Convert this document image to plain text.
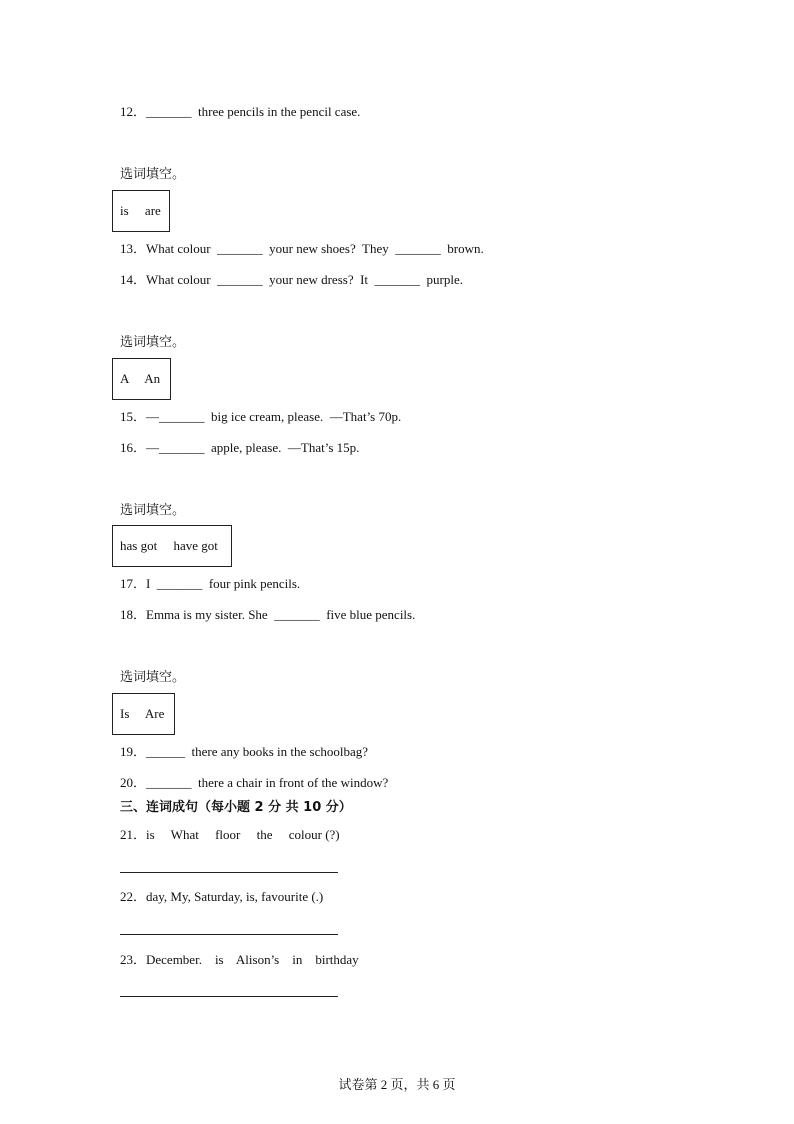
12．_______  three pencils in the pencil case.
选词填空。
is     are
13．What colour  _______  your new shoes?  They  _______  brown.
14．What colour  _______  your new dress?  It  _______  purple.
选词填空。
A     An
15．—_______  big ice cream, please.  —That’s 70p.
16．—_______  apple, please.  —That’s 15p.
选词填空。
has got     have got
17．I  _______  four pink pencils.
18．Emma is my sister. She  _______  five blue pencils.
选词填空。
Is     Are
19．______  there any books in the schoolbag?
20．_______  there a chair in front of the window?
三、连词成句（每小题 2 分 共 10 分）
21．is     What     floor     the     colour (?)
22．day, My, Saturday, is, favourite (.)
23．December.    is    Alison’s    in    birthday
试卷第 2 页，共 6 页
